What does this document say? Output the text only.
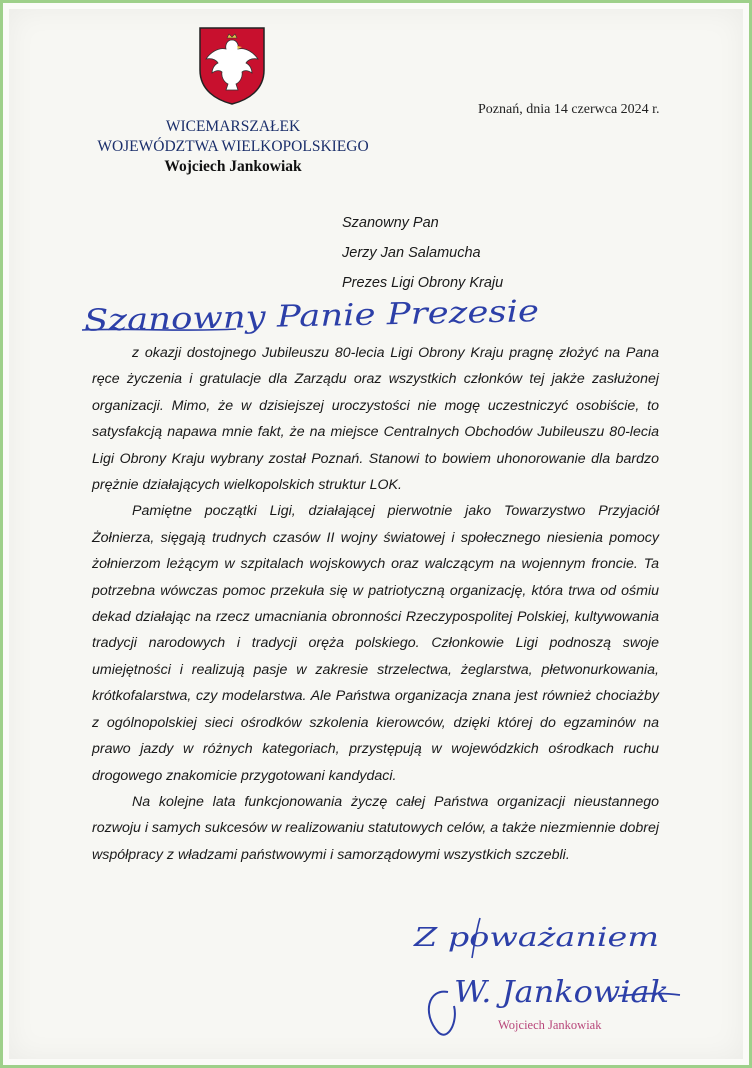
WICEMARSZAŁEK
WOJEWÓDZTWA WIELKOPOLSKIEGO
Wojciech Jankowiak
Poznań, dnia 14 czerwca 2024 r.
Szanowny Pan
Jerzy Jan Salamucha
Prezes Ligi Obrony Kraju
Szanowny Panie Prezesie

z okazji dostojnego Jubileuszu 80-lecia Ligi Obrony Kraju pragnę złożyć na Pana ręce życzenia i gratulacje dla Zarządu oraz wszystkich członków tej jakże zasłużonej organizacji. Mimo, że w dzisiejszej uroczystości nie mogę uczestniczyć osobiście, to satysfakcją napawa mnie fakt, że na miejsce Centralnych Obchodów Jubileuszu 80-lecia Ligi Obrony Kraju wybrany został Poznań. Stanowi to bowiem uhonorowanie dla bardzo prężnie działających wielkopolskich struktur LOK.

Pamiętne początki Ligi, działającej pierwotnie jako Towarzystwo Przyjaciół Żołnierza, sięgają trudnych czasów II wojny światowej i społecznego niesienia pomocy żołnierzom leżącym w szpitalach wojskowych oraz walczącym na wojennym froncie. Ta potrzebna wówczas pomoc przekuła się w patriotyczną organizację, która trwa od ośmiu dekad działając na rzecz umacniania obronności Rzeczypospolitej Polskiej, kultywowania tradycji narodowych i tradycji oręża polskiego. Członkowie Ligi podnoszą swoje umiejętności i realizują pasje w zakresie strzelectwa, żeglarstwa, płetwonurkowania, krótkofalarstwa, czy modelarstwa. Ale Państwa organizacja znana jest również chociażby z ogólnopolskiej sieci ośrodków szkolenia kierowców, dzięki której do egzaminów na prawo jazdy w różnych kategoriach, przystępują w wojewódzkich ośrodkach ruchu drogowego znakomicie przygotowani kandydaci.

Na kolejne lata funkcjonowania życzę całej Państwa organizacji nieustannego rozwoju i samych sukcesów w realizowaniu statutowych celów, a także niezmiennie dobrej współpracy z władzami państwowymi i samorządowymi wszystkich szczebli.

Z poważaniem
W. Jankowiak
Wojciech Jankowiak
